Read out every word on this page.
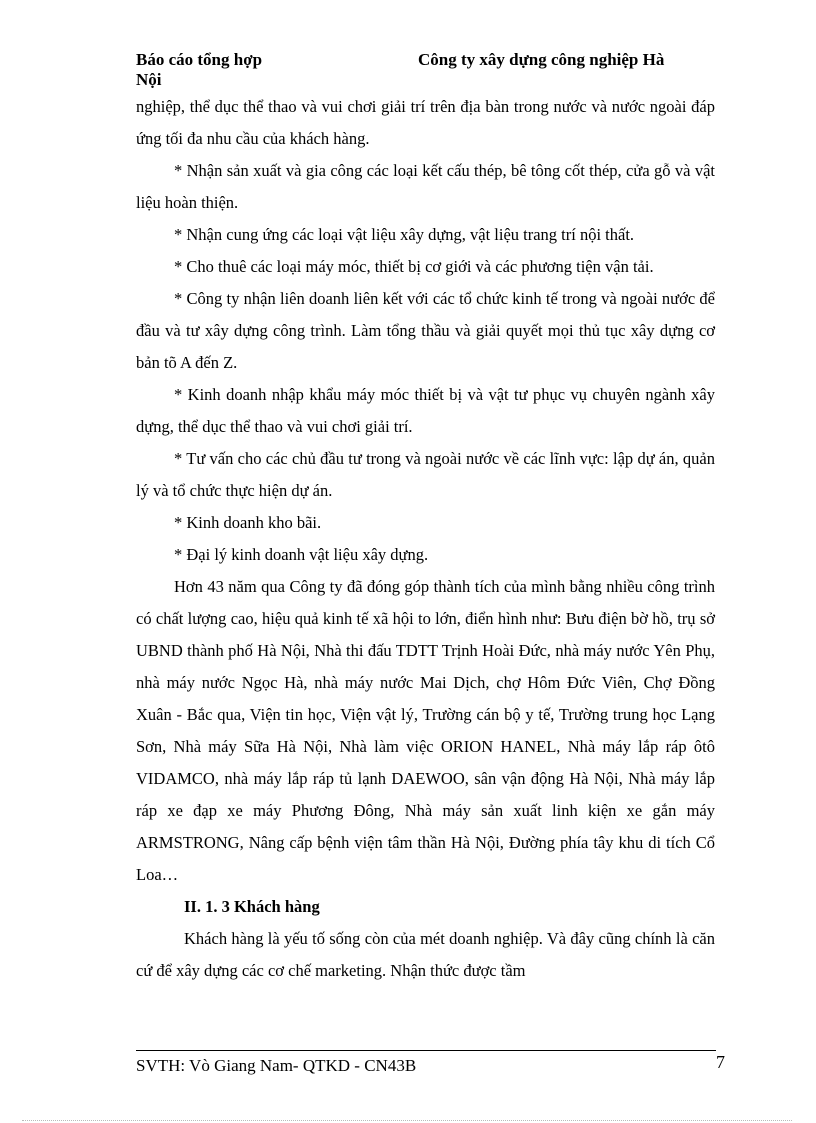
Báo cáo tổng hợp	Công ty xây dựng công nghiệp Hà
Nội

nghiệp, thể dục thể thao và vui chơi giải trí trên địa bàn trong nước và nước ngoài đáp ứng tối đa nhu cầu của khách hàng.

* Nhận sản xuất và gia công các loại kết cấu thép, bê tông cốt thép, cửa gỗ và vật liệu hoàn thiện.

* Nhận cung ứng các loại vật liệu xây dựng, vật liệu trang trí nội thất.

* Cho thuê các loại máy móc, thiết bị cơ giới và các phương tiện vận tải.

* Công ty nhận liên doanh liên kết với các tổ chức kinh tế trong và ngoài nước để đầu và tư xây dựng công trình. Làm tổng thầu và giải quyết mọi thủ tục xây dựng cơ bản tõ A đến Z.

* Kinh doanh nhập khẩu máy móc thiết bị và vật tư phục vụ chuyên ngành xây dựng, thể dục thể thao và vui chơi giải trí.

* Tư vấn cho các chủ đầu tư trong và ngoài nước về các lĩnh vực: lập dự án, quản lý và tổ chức thực hiện dự án.

* Kinh doanh kho bãi.

* Đại lý kinh doanh vật liệu xây dựng.

Hơn 43 năm qua Công ty đã đóng góp thành tích của mình bằng nhiều công trình có chất lượng cao, hiệu quả kinh tế xã hội to lớn, điển hình như: Bưu điện bờ hồ, trụ sở UBND thành phố Hà Nội, Nhà thi đấu TDTT Trịnh Hoài Đức, nhà máy nước Yên Phụ, nhà máy nước Ngọc Hà, nhà máy nước Mai Dịch, chợ Hôm Đức Viên, Chợ Đồng Xuân - Bắc qua, Viện tin học, Viện vật lý, Trường cán bộ y tế, Trường trung học Lạng Sơn, Nhà máy Sữa Hà Nội, Nhà làm việc ORION HANEL, Nhà máy lắp ráp ôtô VIDAMCO, nhà máy lắp ráp tủ lạnh DAEWOO, sân vận động Hà Nội, Nhà máy lắp ráp xe đạp xe máy Phương Đông, Nhà máy sản xuất linh kiện xe gắn máy ARMSTRONG, Nâng cấp bệnh viện tâm thần Hà Nội, Đường phía tây khu di tích Cổ Loa…

II. 1. 3 Khách hàng

Khách hàng là yếu tố sống còn của mét doanh nghiệp. Và đây cũng chính là căn cứ để xây dựng các cơ chế marketing. Nhận thức được tầm

SVTH: Vò Giang Nam- QTKD - CN43B	7
